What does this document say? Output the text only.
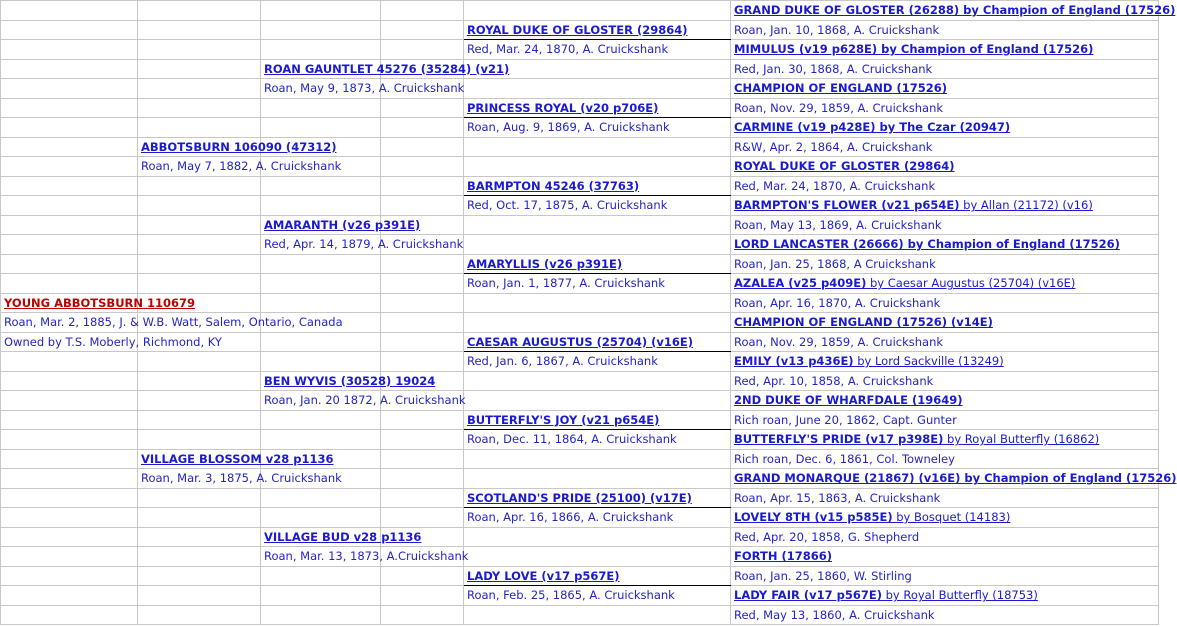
					GRAND DUKE OF GLOSTER (26288) by Champion of England (17526)
				ROYAL DUKE OF GLOSTER (29864)	Roan, Jan. 10, 1868, A. Cruickshank
				Red, Mar. 24, 1870, A. Cruickshank	MIMULUS (v19 p628E) by Champion of England (17526)
		ROAN GAUNTLET 45276 (35284) (v21)			Red, Jan. 30, 1868, A. Cruickshank
		Roan, May 9, 1873, A. Cruickshank			CHAMPION OF ENGLAND (17526)
				PRINCESS ROYAL (v20 p706E)	Roan, Nov. 29, 1859, A. Cruickshank
				Roan, Aug. 9, 1869, A. Cruickshank	CARMINE (v19 p428E) by The Czar (20947)
	ABBOTSBURN 106090 (47312)				R&W, Apr. 2, 1864, A. Cruickshank
	Roan, May 7, 1882, A. Cruickshank				ROYAL DUKE OF GLOSTER (29864)
				BARMPTON 45246 (37763)	Red, Mar. 24, 1870, A. Cruickshank
				Red, Oct. 17, 1875, A. Cruickshank	BARMPTON'S FLOWER (v21 p654E) by Allan (21172) (v16)
		AMARANTH (v26 p391E)			Roan, May 13, 1869, A. Cruickshank
		Red, Apr. 14, 1879, A. Cruickshank			LORD LANCASTER (26666) by Champion of England (17526)
				AMARYLLIS (v26 p391E)	Roan, Jan. 25, 1868, A Cruickshank
				Roan, Jan. 1, 1877, A. Cruickshank	AZALEA (v25 p409E) by Caesar Augustus (25704) (v16E)
YOUNG ABBOTSBURN 110679					Roan, Apr. 16, 1870, A. Cruickshank
Roan, Mar. 2, 1885, J. & W.B. Watt, Salem, Ontario, Canada					CHAMPION OF ENGLAND (17526) (v14E)
Owned by T.S. Moberly, Richmond, KY				CAESAR AUGUSTUS (25704) (v16E)	Roan, Nov. 29, 1859, A. Cruickshank
				Red, Jan. 6, 1867, A. Cruickshank	EMILY (v13 p436E) by Lord Sackville (13249)
		BEN WYVIS (30528) 19024			Red, Apr. 10, 1858, A. Cruickshank
		Roan, Jan. 20 1872, A. Cruickshank			2ND DUKE OF WHARFDALE (19649)
				BUTTERFLY'S JOY (v21 p654E)	Rich roan, June 20, 1862, Capt. Gunter
				Roan, Dec. 11, 1864, A. Cruickshank	BUTTERFLY'S PRIDE (v17 p398E) by Royal Butterfly (16862)
	VILLAGE BLOSSOM v28 p1136				Rich roan, Dec. 6, 1861, Col. Towneley
	Roan, Mar. 3, 1875, A. Cruickshank				GRAND MONARQUE (21867) (v16E) by Champion of England (17526)
				SCOTLAND'S PRIDE (25100) (v17E)	Roan, Apr. 15, 1863, A. Cruickshank
				Roan, Apr. 16, 1866, A. Cruickshank	LOVELY 8TH (v15 p585E) by Bosquet (14183)
		VILLAGE BUD v28 p1136			Red, Apr. 20, 1858, G. Shepherd
		Roan, Mar. 13, 1873, A.Cruickshank			FORTH (17866)
				LADY LOVE (v17 p567E)	Roan, Jan. 25, 1860, W. Stirling
				Roan, Feb. 25, 1865, A. Cruickshank	LADY FAIR (v17 p567E) by Royal Butterfly (18753)
					Red, May 13, 1860, A. Cruickshank
